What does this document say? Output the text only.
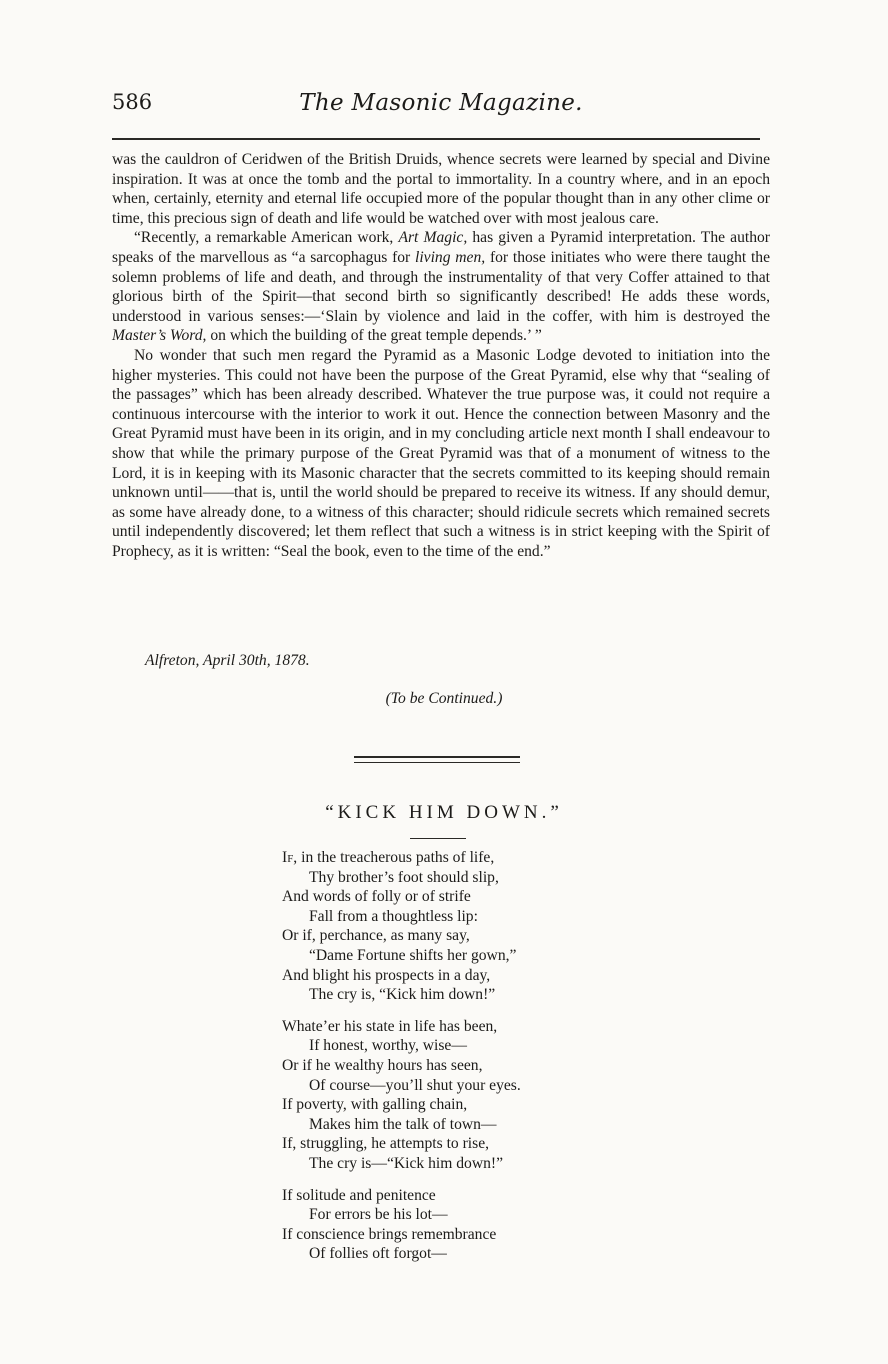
586	The Masonic Magazine.

was the cauldron of Ceridwen of the British Druids, whence secrets were learned by special and Divine inspiration. It was at once the tomb and the portal to immortality. In a country where, and in an epoch when, certainly, eternity and eternal life occupied more of the popular thought than in any other clime or time, this precious sign of death and life would be watched over with most jealous care.

“Recently, a remarkable American work, Art Magic, has given a Pyramid interpretation. The author speaks of the marvellous as “a sarcophagus for living men, for those initiates who were there taught the solemn problems of life and death, and through the instrumentality of that very Coffer attained to that glorious birth of the Spirit—that second birth so significantly described! He adds these words, understood in various senses:—‘Slain by violence and laid in the coffer, with him is destroyed the Master’s Word, on which the building of the great temple depends.’ ”

No wonder that such men regard the Pyramid as a Masonic Lodge devoted to initiation into the higher mysteries. This could not have been the purpose of the Great Pyramid, else why that “sealing of the passages” which has been already described. Whatever the true purpose was, it could not require a continuous intercourse with the interior to work it out. Hence the connection between Masonry and the Great Pyramid must have been in its origin, and in my concluding article next month I shall endeavour to show that while the primary purpose of the Great Pyramid was that of a monument of witness to the Lord, it is in keeping with its Masonic character that the secrets committed to its keeping should remain unknown until——that is, until the world should be prepared to receive its witness. If any should demur, as some have already done, to a witness of this character; should ridicule secrets which remained secrets until independently discovered; let them reflect that such a witness is in strict keeping with the Spirit of Prophecy, as it is written: “Seal the book, even to the time of the end.”

Alfreton, April 30th, 1878.
(To be Continued.)
“KICK HIM DOWN.”
If, in the treacherous paths of life,
Thy brother’s foot should slip,
And words of folly or of strife
Fall from a thoughtless lip:
Or if, perchance, as many say,
“Dame Fortune shifts her gown,”
And blight his prospects in a day,
The cry is, “Kick him down!”
Whate’er his state in life has been,
If honest, worthy, wise—
Or if he wealthy hours has seen,
Of course—you’ll shut your eyes.
If poverty, with galling chain,
Makes him the talk of town—
If, struggling, he attempts to rise,
The cry is—“Kick him down!”
If solitude and penitence
For errors be his lot—
If conscience brings remembrance
Of follies oft forgot—
